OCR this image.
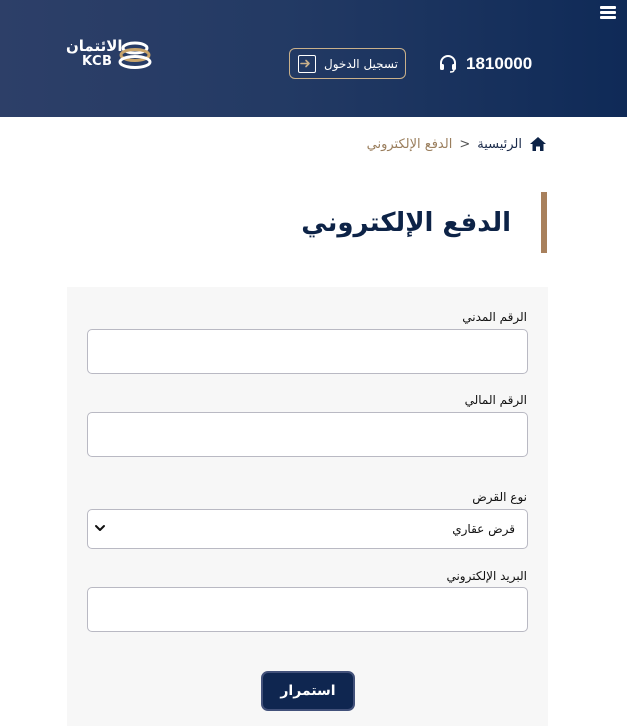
الائتمان
KCB	تسجيل الدخول	1810000
الرئيسية
<
الدفع الإلكتروني
الدفع الإلكتروني
الرقم المدني
الرقم المالي
نوع القرض
قرض عقاري
البريد الإلكتروني
استمرار
